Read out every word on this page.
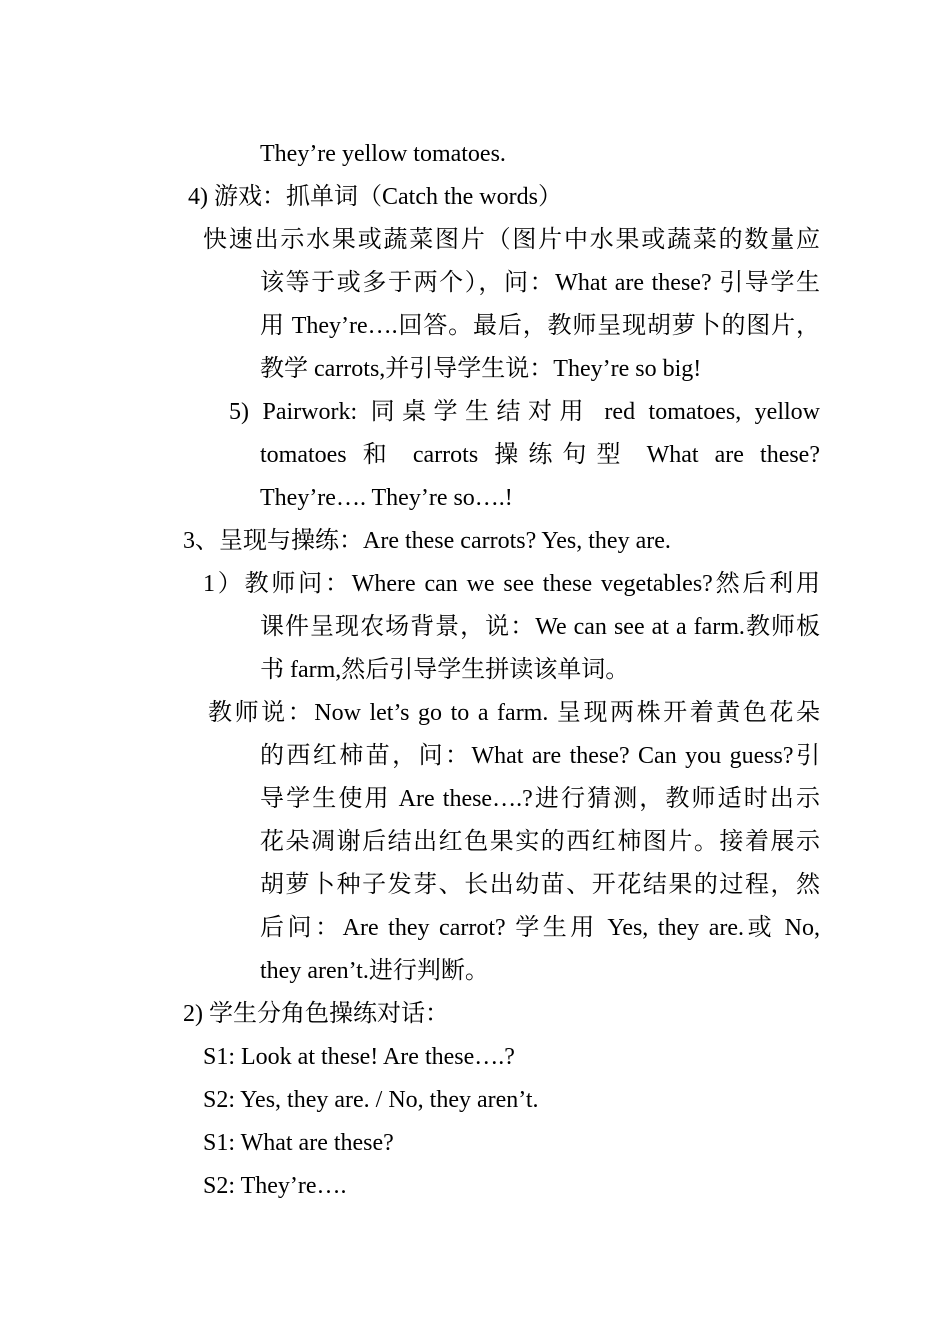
They’re yellow tomatoes.
4) 游戏：抓单词（Catch the words）
快速出示水果或蔬菜图片（图片中水果或蔬菜的数量应
该等于或多于两个），问：What are these? 引导学生
用 They’re….回答。最后，教师呈现胡萝卜的图片，
教学 carrots,并引导学生说：They’re so big!
5) Pairwork: 同桌学生结对用 red tomatoes, yellow
tomatoes 和 carrots 操练句型 What are these?
They’re…. They’re so….!
3、呈现与操练：Are these carrots? Yes, they are.
1）教师问：Where can we see these vegetables?然后利用
课件呈现农场背景，说：We can see at a farm.教师板
书 farm,然后引导学生拼读该单词。
教师说：Now let’s go to a farm. 呈现两株开着黄色花朵
的西红柿苗，问：What are these? Can you guess?引
导学生使用 Are these….?进行猜测，教师适时出示
花朵凋谢后结出红色果实的西红柿图片。接着展示
胡萝卜种子发芽、长出幼苗、开花结果的过程，然
后问：Are they carrot? 学生用 Yes, they are.或 No,
they aren’t.进行判断。
2) 学生分角色操练对话：
S1: Look at these! Are these….?
S2: Yes, they are. / No, they aren’t.
S1: What are these?
S2: They’re….
